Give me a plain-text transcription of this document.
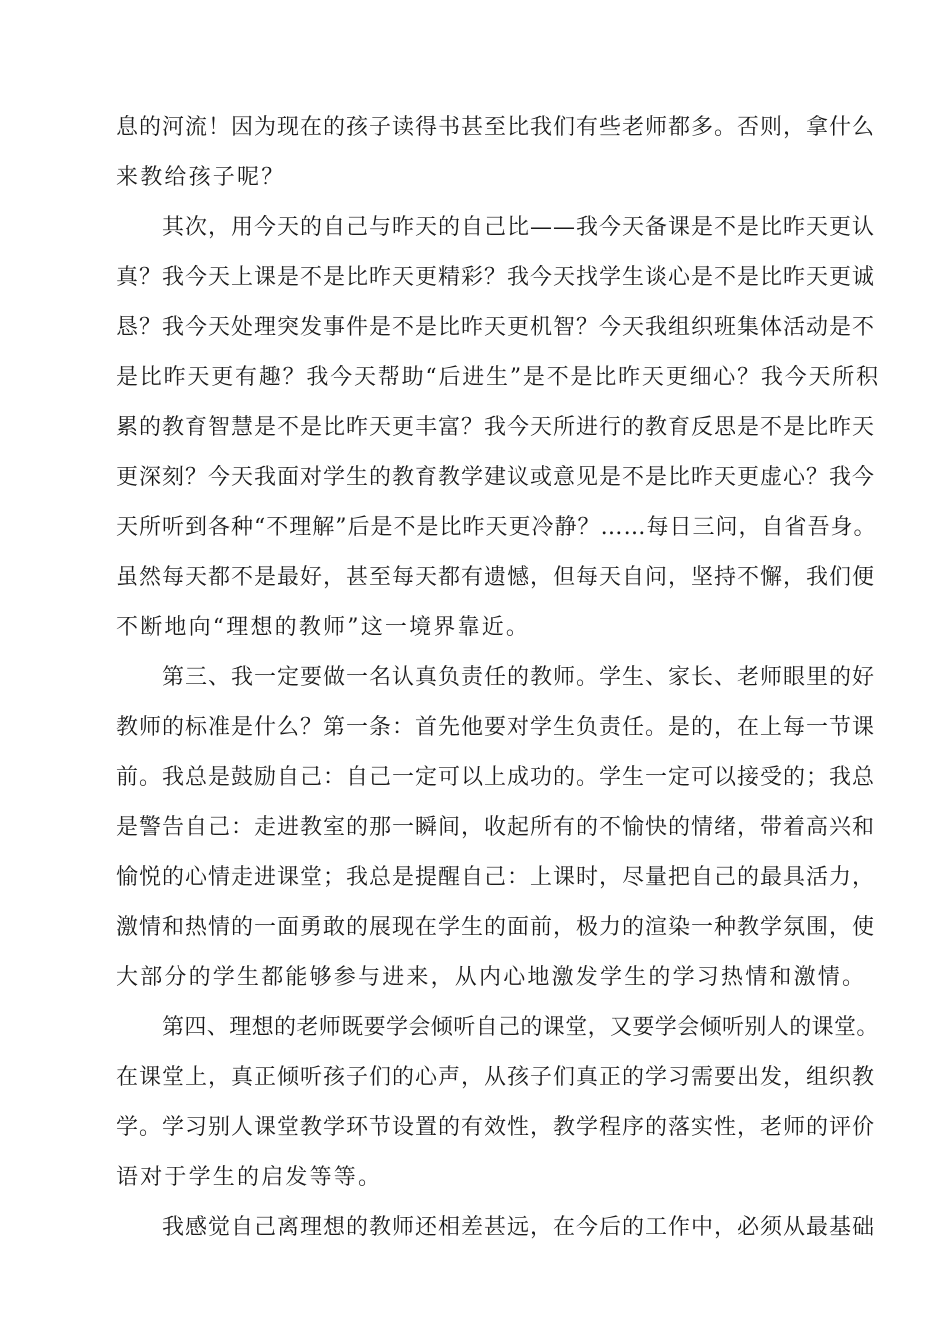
息的河流！因为现在的孩子读得书甚至比我们有些老师都多。否则，拿什么
来教给孩子呢？
其次，用今天的自己与昨天的自己比——我今天备课是不是比昨天更认
真？我今天上课是不是比昨天更精彩？我今天找学生谈心是不是比昨天更诚
恳？我今天处理突发事件是不是比昨天更机智？今天我组织班集体活动是不
是比昨天更有趣？我今天帮助“后进生”是不是比昨天更细心？我今天所积
累的教育智慧是不是比昨天更丰富？我今天所进行的教育反思是不是比昨天
更深刻？今天我面对学生的教育教学建议或意见是不是比昨天更虚心？我今
天所听到各种“不理解”后是不是比昨天更冷静？……每日三问，自省吾身。
虽然每天都不是最好，甚至每天都有遗憾，但每天自问，坚持不懈，我们便
不断地向“理想的教师”这一境界靠近。
第三、我一定要做一名认真负责任的教师。学生、家长、老师眼里的好
教师的标准是什么？第一条：首先他要对学生负责任。是的，在上每一节课
前。我总是鼓励自己：自己一定可以上成功的。学生一定可以接受的；我总
是警告自己：走进教室的那一瞬间，收起所有的不愉快的情绪，带着高兴和
愉悦的心情走进课堂；我总是提醒自己：上课时，尽量把自己的最具活力，
激情和热情的一面勇敢的展现在学生的面前，极力的渲染一种教学氛围，使
大部分的学生都能够参与进来，从内心地激发学生的学习热情和激情。
第四、理想的老师既要学会倾听自己的课堂，又要学会倾听别人的课堂。
在课堂上，真正倾听孩子们的心声，从孩子们真正的学习需要出发，组织教
学。学习别人课堂教学环节设置的有效性，教学程序的落实性，老师的评价
语对于学生的启发等等。
我感觉自己离理想的教师还相差甚远，在今后的工作中，必须从最基础
